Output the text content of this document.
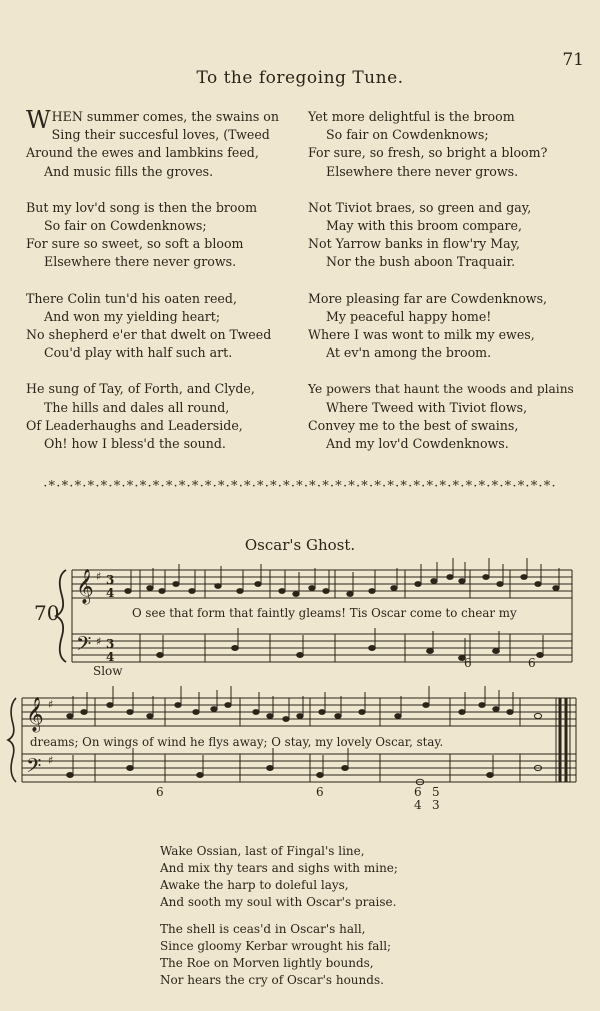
71
To the foregoing Tune.
WHEN summer comes, the swains on
Sing their succesful loves, (Tweed
Around the ewes and lambkins feed,
And music fills the groves.
But my lov'd song is then the broom
So fair on Cowdenknows;
For sure so sweet, so soft a bloom
Elsewhere there never grows.
There Colin tun'd his oaten reed,
And won my yielding heart;
No shepherd e'er that dwelt on Tweed
Cou'd play with half such art.
He sung of Tay, of Forth, and Clyde,
The hills and dales all round,
Of Leaderhaughs and Leaderside,
Oh! how I bless'd the sound.
Yet more delightful is the broom
So fair on Cowdenknows;
For sure, so fresh, so bright a bloom?
Elsewhere there never grows.
Not Tiviot braes, so green and gay,
May with this broom compare,
Not Yarrow banks in flow'ry May,
Nor the bush aboon Traquair.
More pleasing far are Cowdenknows,
My peaceful happy home!
Where I was wont to milk my ewes,
At ev'n among the broom.
Ye powers that haunt the woods and plains
Where Tweed with Tiviot flows,
Convey me to the best of swains,
And my lov'd Cowdenknows.
·*·*·*·*·*·*·*·*·*·*·*·*·*·*·*·*·*·*·*·*·*·*·*·*·*·*·*·*·*·*·*·*·*·*·*·*·*·*·*·
Oscar's Ghost.
𝄞
𝄢
♯
♯
3
4
3
4
𝄞
𝄢
♯
♯
70	O see that form that faintly gleams! Tis Oscar come to chear my
Slow
6	6
dreams; On wings of wind he flys away; O stay, my lovely Oscar, stay.
6	6	6 5
4 3
Wake Ossian, last of Fingal's line,
And mix thy tears and sighs with mine;
Awake the harp to doleful lays,
And sooth my soul with Oscar's praise.
The shell is ceas'd in Oscar's hall,
Since gloomy Kerbar wrought his fall;
The Roe on Morven lightly bounds,
Nor hears the cry of Oscar's hounds.
